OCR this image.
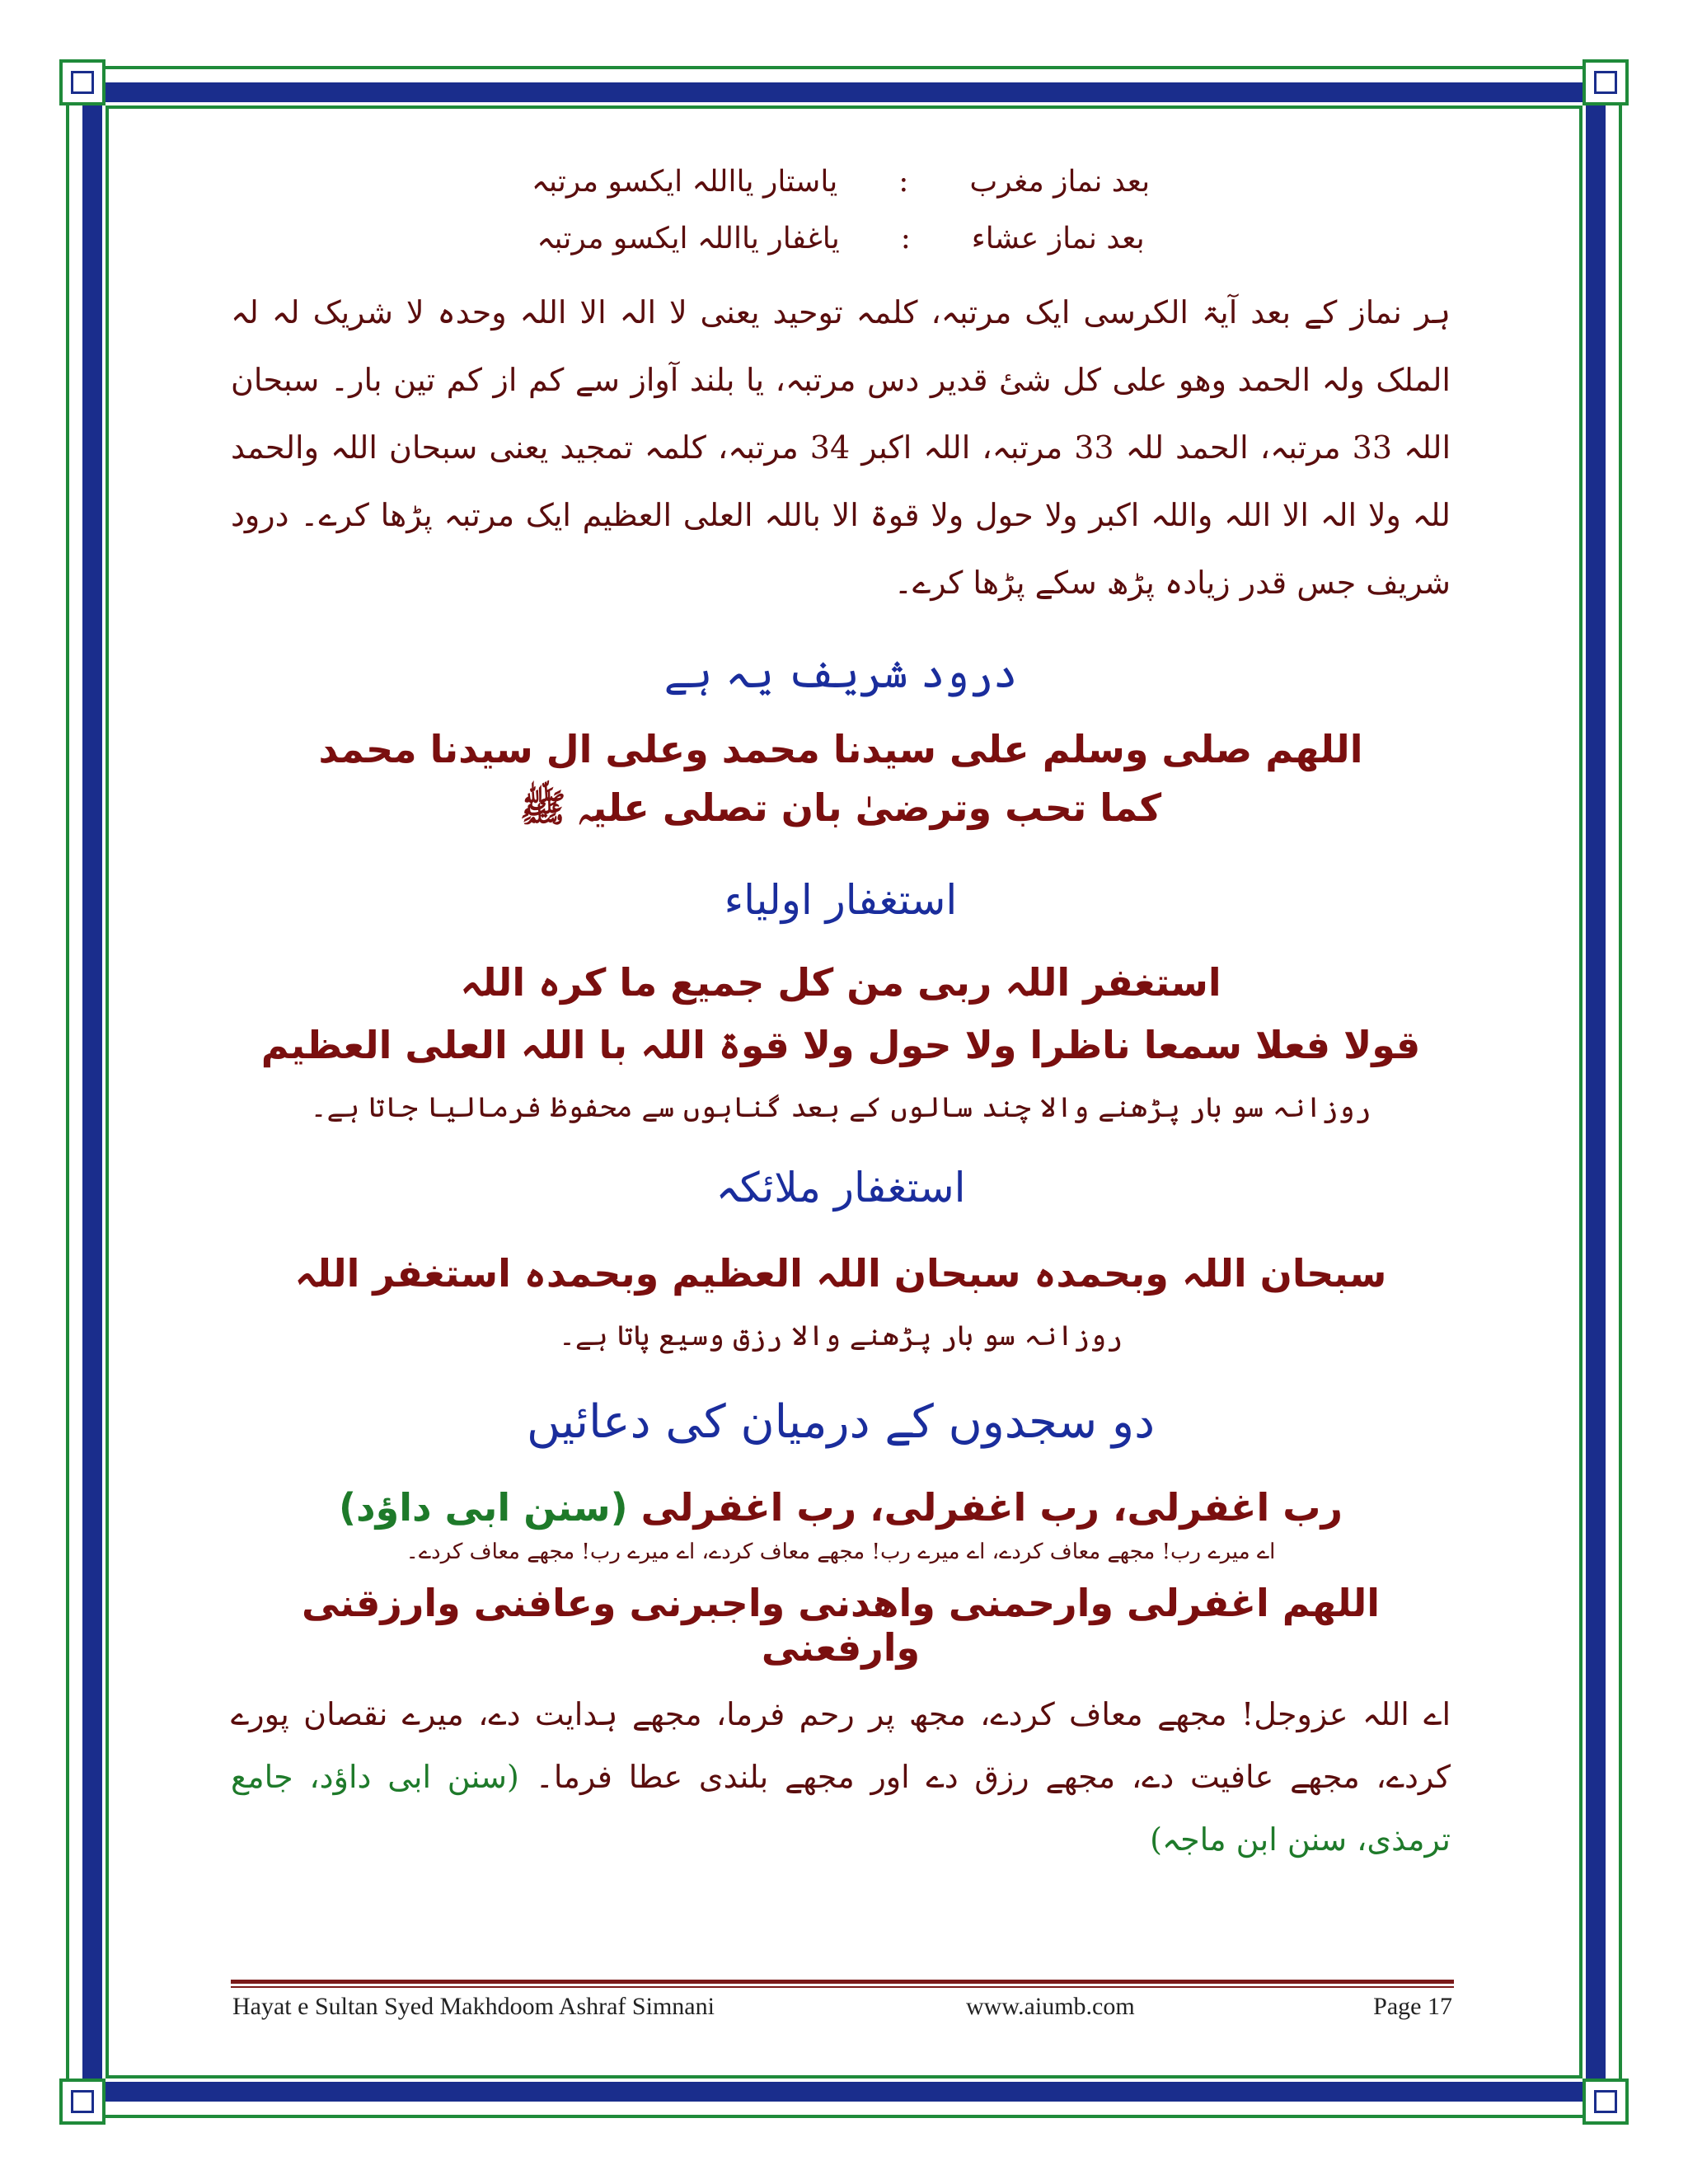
بعد نماز مغرب
:
یاستار یااللہ ایکسو مرتبہ
بعد نماز عشاء
:
یاغفار یااللہ ایکسو مرتبہ

ہر نماز کے بعد آیۃ الکرسی ایک مرتبہ، کلمہ توحید یعنی لا الہ الا اللہ وحدہ لا شریک لہ لہ الملک ولہ الحمد وھو علی کل شیٔ قدیر دس مرتبہ، یا بلند آواز سے کم از کم تین بار۔ سبحان اللہ 33 مرتبہ، الحمد للہ 33 مرتبہ، اللہ اکبر 34 مرتبہ، کلمہ تمجید یعنی سبحان اللہ والحمد للہ ولا الہ الا اللہ واللہ اکبر ولا حول ولا قوۃ الا باللہ العلی العظیم ایک مرتبہ پڑھا کرے۔ درود شریف جس قدر زیادہ پڑھ سکے پڑھا کرے۔

درود شریف یہ ہے

اللھم صلی وسلم علی سیدنا محمد وعلی ال سیدنا محمد

کما تحب وترضیٰ بان تصلی علیہ ﷺ

استغفار اولیاء

استغفر اللہ ربی من کل جمیع ما کرہ اللہ

قولا فعلا سمعا ناظرا ولا حول ولا قوۃ اللہ با اللہ العلی العظیم

روزانہ سو بار پڑھنے والا چند سالوں کے بعد گناہوں سے محفوظ فرمالیا جاتا ہے۔

استغفار ملائکہ

سبحان اللہ وبحمدہ سبحان اللہ العظیم وبحمدہ استغفر اللہ

روزانہ سو بار پڑھنے والا رزق وسیع پاتا ہے۔

دو سجدوں کے درمیان کی دعائیں

رب اغفرلی، رب اغفرلی، رب اغفرلی (سنن ابی داؤد)

اے میرے رب! مجھے معاف کردے، اے میرے رب! مجھے معاف کردے، اے میرے رب! مجھے معاف کردے۔

اللھم اغفرلی وارحمنی واھدنی واجبرنی وعافنی وارزقنی وارفعنی

اے اللہ عزوجل! مجھے معاف کردے، مجھ پر رحم فرما، مجھے ہدایت دے، میرے نقصان پورے کردے، مجھے عافیت دے، مجھے رزق دے اور مجھے بلندی عطا فرما۔ (سنن ابی داؤد، جامع ترمذی، سنن ابن ماجہ)

Hayat e Sultan Syed Makhdoom Ashraf Simnani	www.aiumb.com	Page 17
